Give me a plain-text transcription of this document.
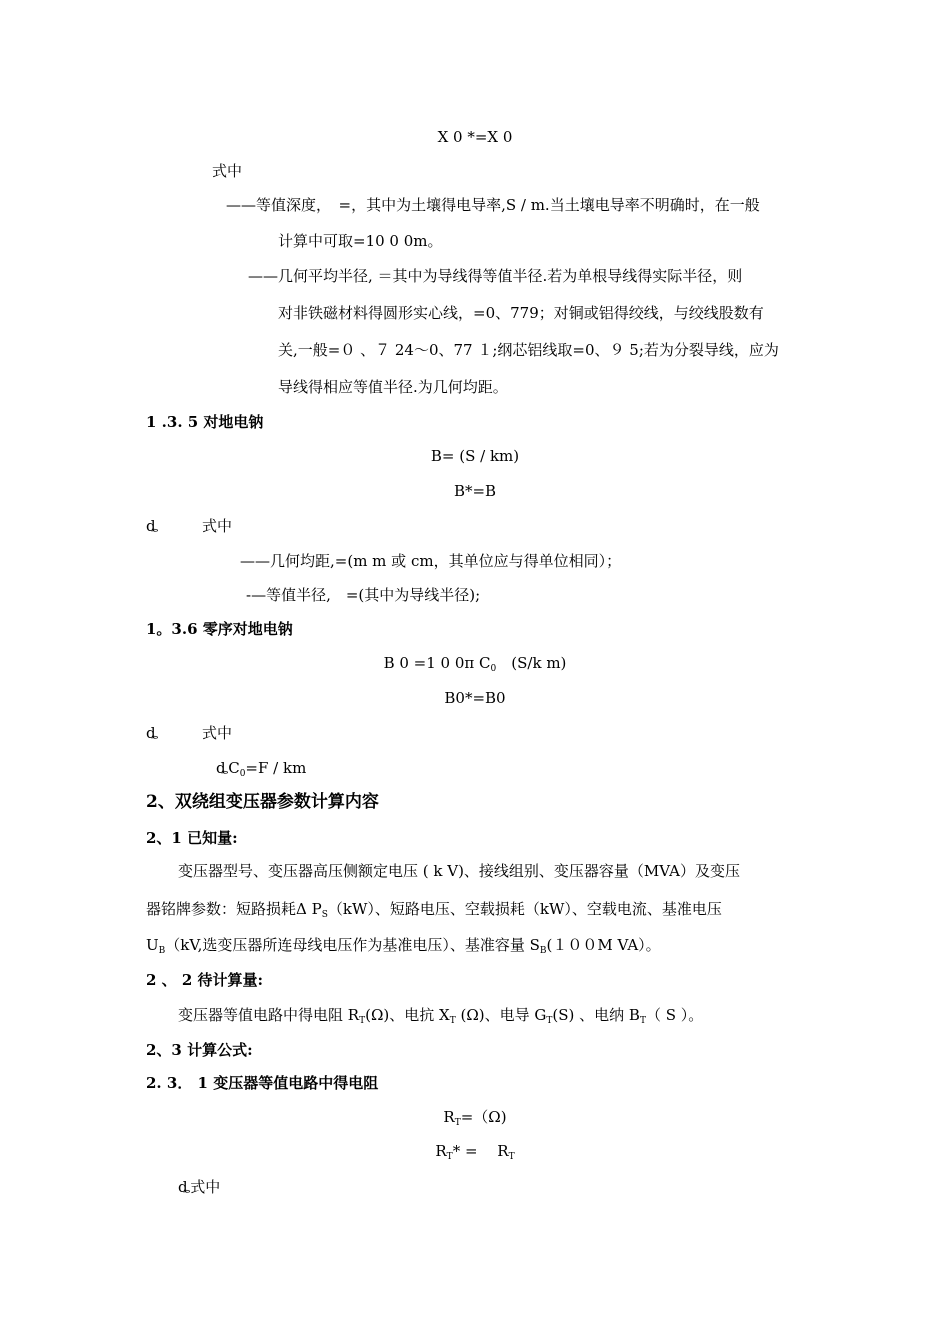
X 0 *=X 0
式中
——等值深度，　=，其中为土壤得电导率,S / m.当土壤电导率不明确时，在一般
计算中可取=10 0 0m。
——几何平均半径, ＝其中为导线得等值半径.若为单根导线得实际半径，则
对非铁磁材料得圆形实心线，=0、779；对铜或铝得绞线，与绞线股数有
关,一般=０ 、７ 24～0、77 １;纲芯铝线取=0、９ 5;若为分裂导线，应为
导线得相应等值半径.为几何均距。
1 .3. 5 对地电钠
B= (S / km)
B*=B
ȡ	式中
——几何均距,=(m m 或 cm，其单位应与得单位相同）；
-—等值半径,　=(其中为导线半径);
1。3.6 零序对地电钠
B 0 =1 0 0π $C_0$　 (S/k m)
B0*=B0
ȡ	式中
$ȡC_0=F$ / km
2、双绕组变压器参数计算内容
2、1 已知量:
变压器型号、变压器高压侧额定电压 ( k V)、接线组别、变压器容量（MVA）及变压
器铭牌参数：短路损耗Δ $P_S(kW)$、短路电压、空载损耗（kW）、空载电流、基准电压
$U_B(kV$,选变压器所连母线电压作为基准电压）、基准容量 $S_B(100M$ VA）。
2 、 2 待计算量:
变压器等值电路中得电阻 $R_T(\Omega)$、电抗 $X_T$ (Ω)、电导 $G_T(S)$ 、电纳 $B_T$（ S ）。
2、3 计算公式:
2. 3． 1 变压器等值电路中得电阻
$R_T=(\Omega)$
$R_T*$ =　 $R_T$
ȡ式中
